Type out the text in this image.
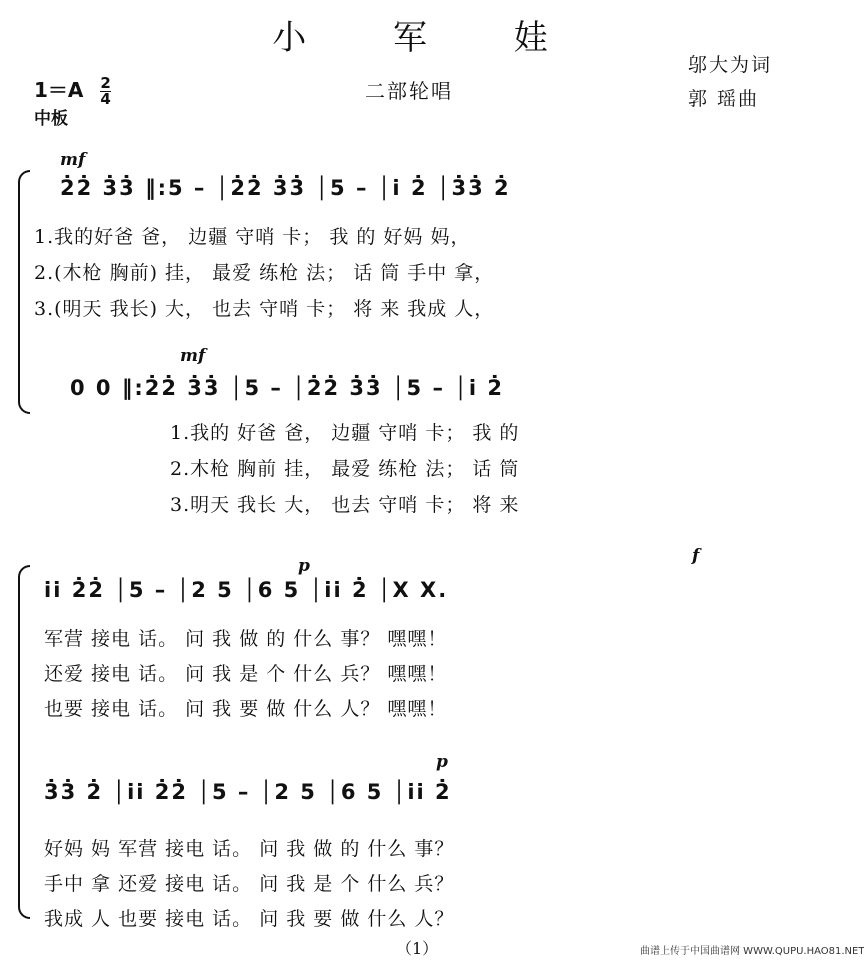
小 军 娃
邬大为词
郭 瑶曲
二部轮唱
$1=A \frac{2}{4}$
中板
mf
2̇2̇ 3̇3̇ ‖:5 – │2̇2̇ 3̇3̇ │5 – │i̇ 2̇ │3̇3̇ 2̇
1.我的好爸 爸， 边疆 守哨 卡； 我 的 好妈 妈，
2.(木枪 胸前) 挂， 最爱 练枪 法； 话 筒 手中 拿，
3.(明天 我长) 大， 也去 守哨 卡； 将 来 我成 人，
mf
0 0 ‖:2̇2̇ 3̇3̇ │5 – │2̇2̇ 3̇3̇ │5 – │i̇ 2̇
1.我的 好爸 爸， 边疆 守哨 卡； 我 的
2.木枪 胸前 挂， 最爱 练枪 法； 话 筒
3.明天 我长 大， 也去 守哨 卡； 将 来
p	f
i̇i̇ 2̇2̇ │5 – │2 5 │6 5 │i̇i̇ 2̇ │X X.
军营 接电 话。 问 我 做 的 什么 事？ 嘿嘿！
还爱 接电 话。 问 我 是 个 什么 兵？ 嘿嘿！
也要 接电 话。 问 我 要 做 什么 人？ 嘿嘿！
p
3̇3̇ 2̇ │i̇i̇ 2̇2̇ │5 – │2 5 │6 5 │i̇i̇ 2̇
好妈 妈 军营 接电 话。 问 我 做 的 什么 事？
手中 拿 还爱 接电 话。 问 我 是 个 什么 兵？
我成 人 也要 接电 话。 问 我 要 做 什么 人？
（1）	曲谱上传于中国曲谱网 WWW.QUPU.HAO81.NET
